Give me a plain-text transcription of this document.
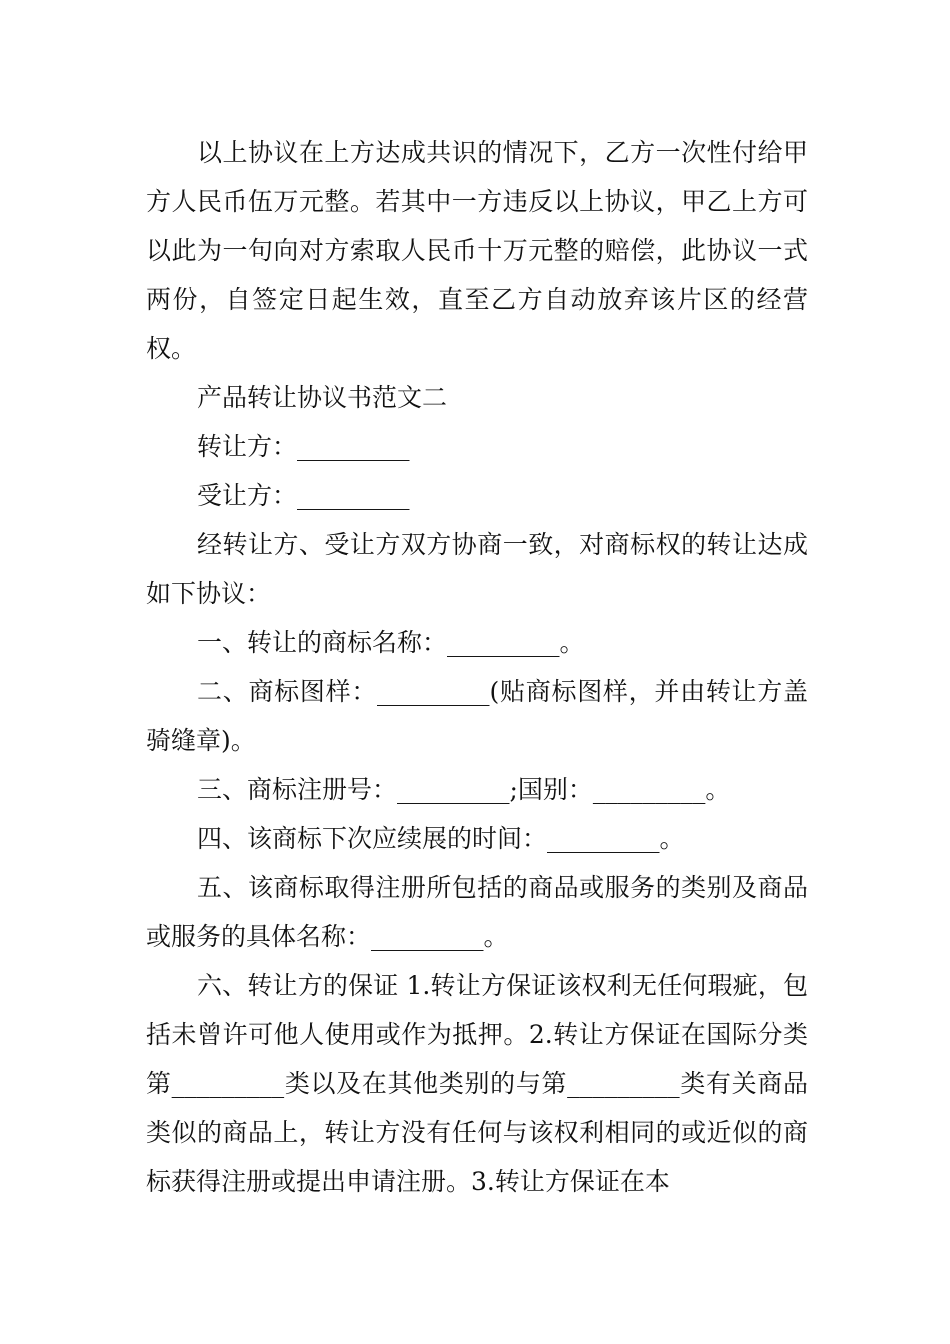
以上协议在上方达成共识的情况下，乙方一次性付给甲方人民币伍万元整。若其中一方违反以上协议，甲乙上方可以此为一句向对方索取人民币十万元整的赔偿，此协议一式两份，自签定日起生效，直至乙方自动放弃该片区的经营权。

产品转让协议书范文二

转让方：_________

受让方：_________

经转让方、受让方双方协商一致，对商标权的转让达成如下协议：

一、转让的商标名称：_________。

二、商标图样：_________(贴商标图样，并由转让方盖骑缝章)。

三、商标注册号：_________;国别：_________。

四、该商标下次应续展的时间：_________。

五、该商标取得注册所包括的商品或服务的类别及商品或服务的具体名称：_________。

六、转让方的保证 1.转让方保证该权利无任何瑕疵，包括未曾许可他人使用或作为抵押。2.转让方保证在国际分类第_________类以及在其他类别的与第_________类有关商品类似的商品上，转让方没有任何与该权利相同的或近似的商标获得注册或提出申请注册。3.转让方保证在本
